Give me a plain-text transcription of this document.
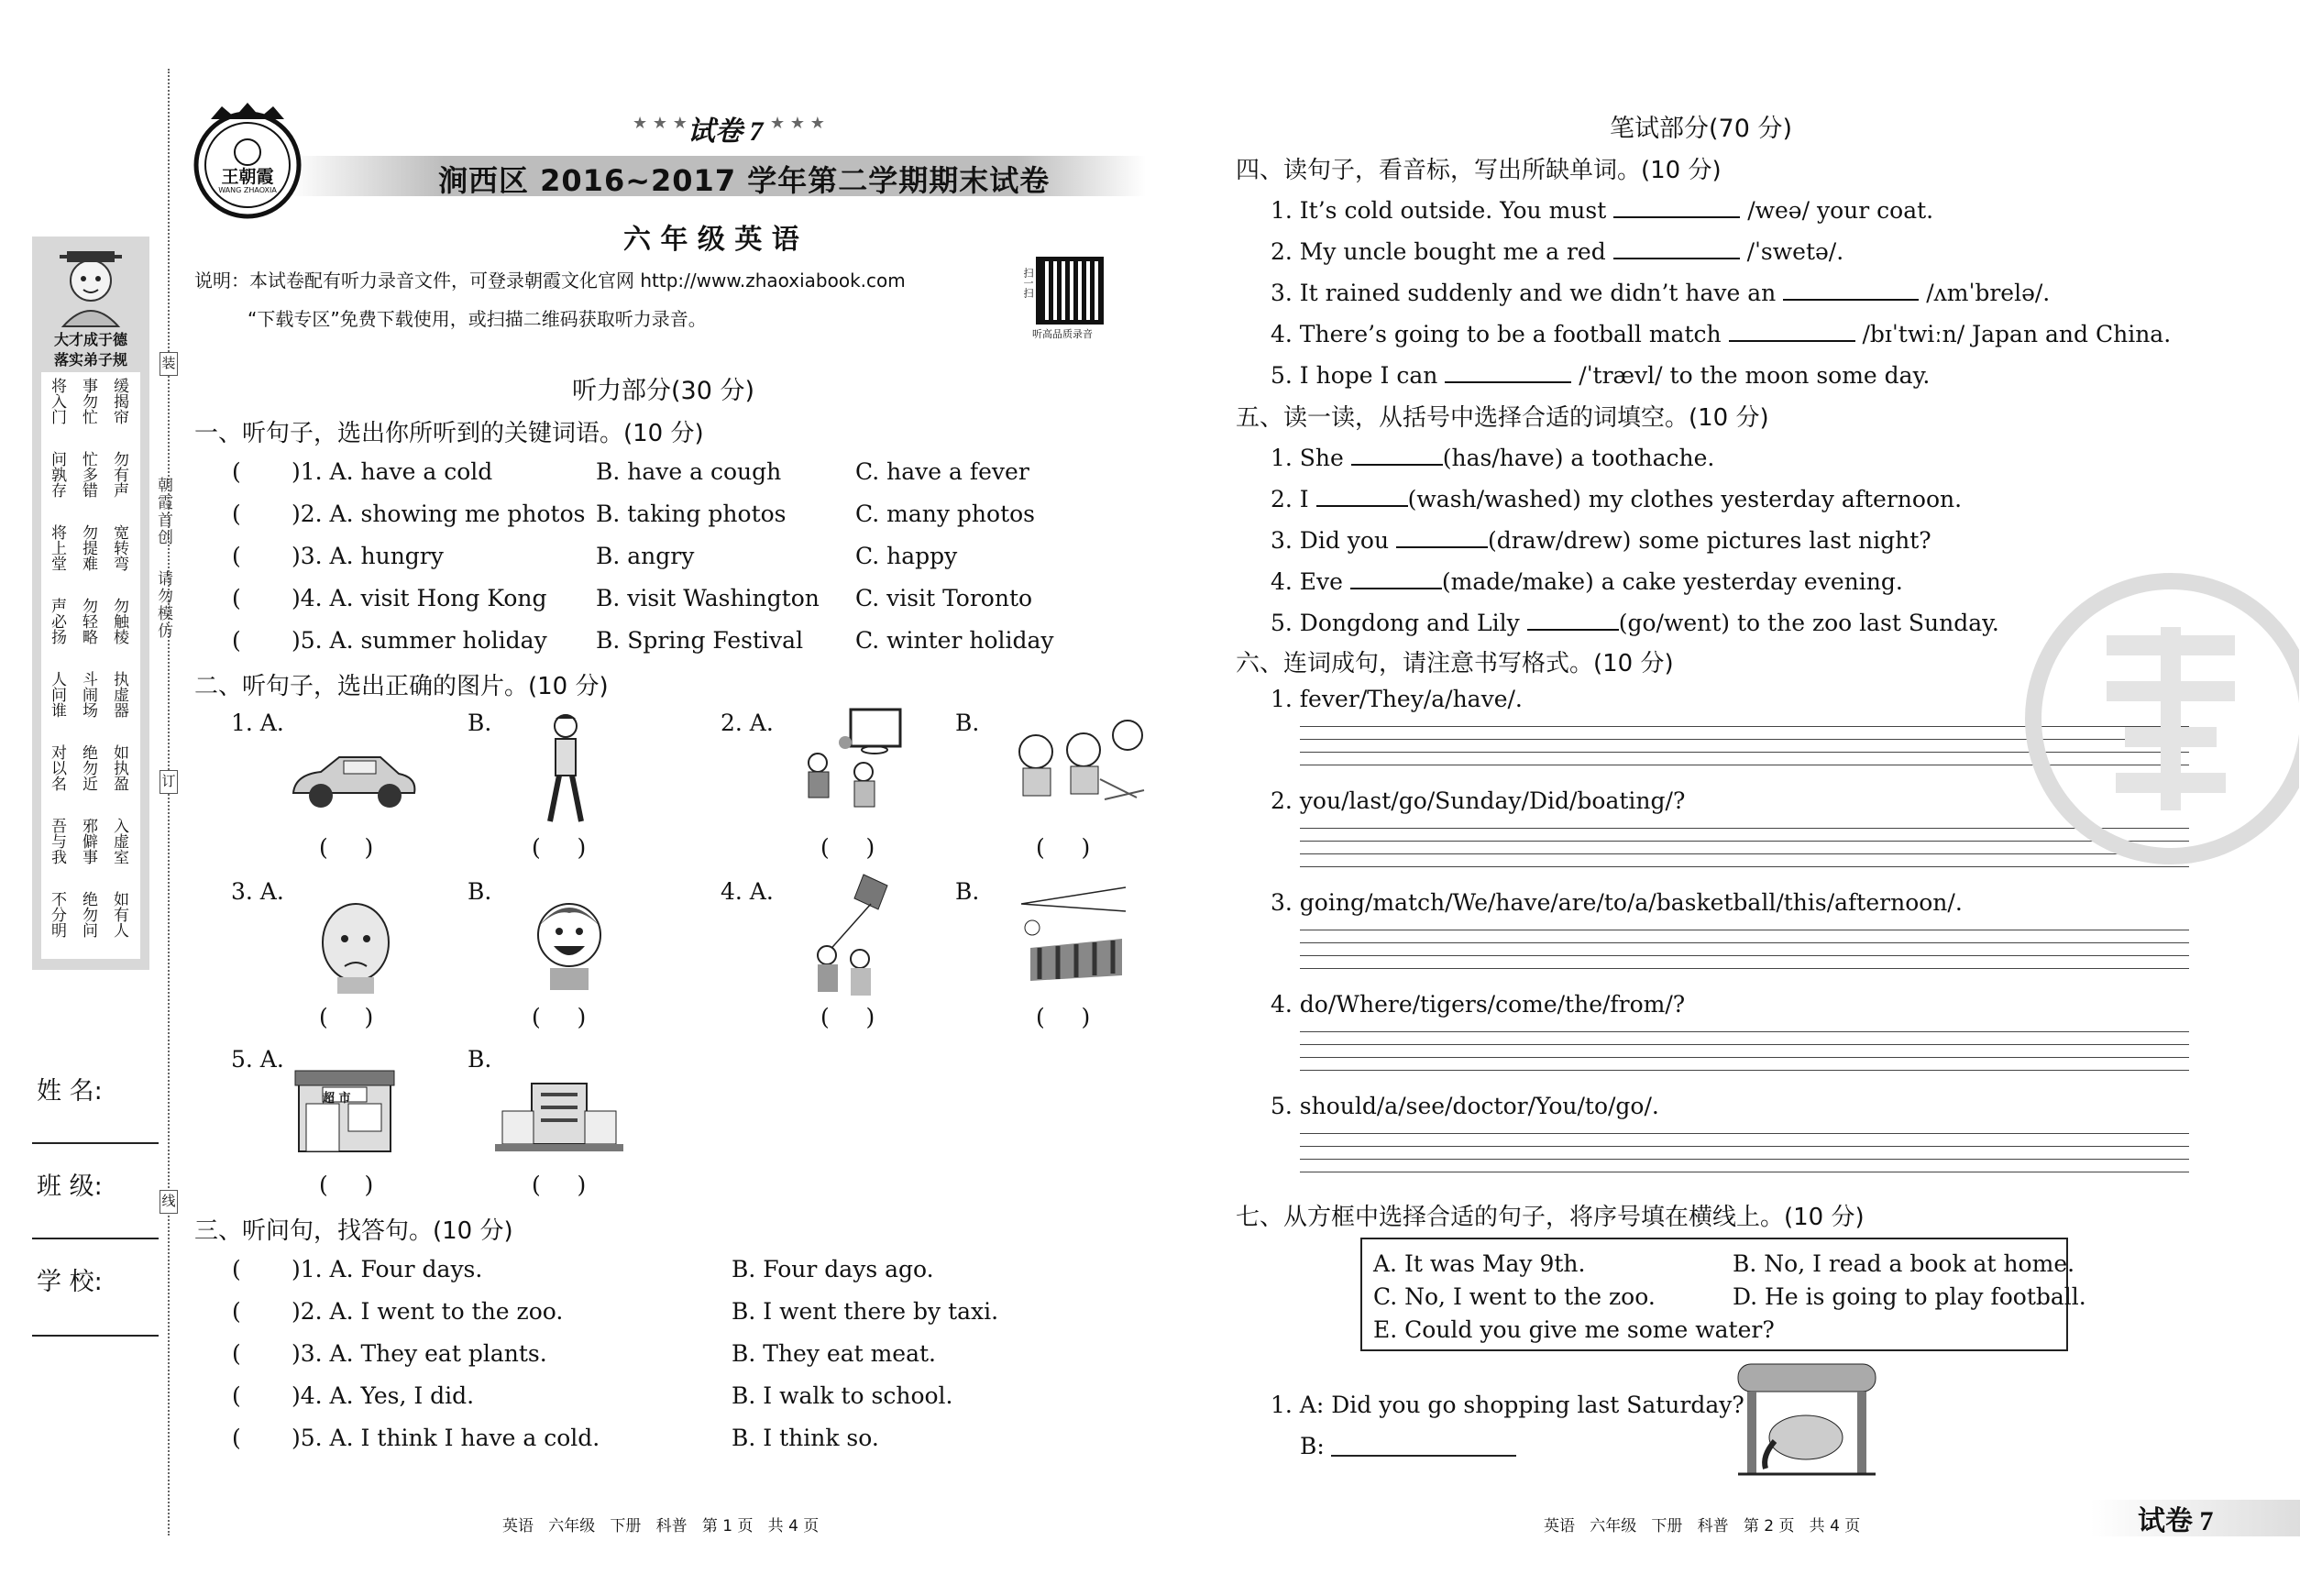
大才成于德
落实弟子规
将入门 事勿忙 缓揭帘
问孰存 忙多错 勿有声
将上堂 勿提难 宽转弯
声必扬 勿轻略 勿触棱
人问谁 斗闹场 执虚器
对以名 绝勿近 如执盈
吾与我 邪僻事 入虚室
不分明 绝勿问 如有人
朝霞首创
请勿模仿
装
订
线
姓 名:
班 级:
学 校:
王朝霞
WANG ZHAOXIA
★ ★ ★ 试卷 7 ★ ★ ★
涧西区 2016~2017 学年第二学期期末试卷
六 年 级 英 语
说明：本试卷配有听力录音文件，可登录朝霞文化官网 http://www.zhaoxiabook.com
“下载专区”免费下载使用，或扫描二维码获取听力录音。
扫一扫
听高品质录音
听力部分(30 分)
一、听句子，选出你所听到的关键词语。(10 分)
( )1. A. have a cold	B. have a cough	C. have a fever
( )2. A. showing me photos B. taking photos	C. many photos
( )3. A. hungry	B. angry	C. happy
( )4. A. visit Hong Kong B. visit Washington C. visit Toronto
( )5. A. summer holiday B. Spring Festival C. winter holiday
二、听句子，选出正确的图片。(10 分)
1. A.	B.	2. A.	B.
3. A.	B.	4. A.	B.
5. A.	B.
(     )	(     )	(     )	(     )
(     )	(     )	(     )	(     )
(     )	(     )
三、听问句，找答句。(10 分)
( )1. A. Four days.	B. Four days ago.
( )2. A. I went to the zoo.	B. I went there by taxi.
( )3. A. They eat plants.	B. They eat meat.
( )4. A. Yes, I did.	B. I walk to school.
( )5. A. I think I have a cold.	B. I think so.
超 市
笔试部分(70 分)
四、读句子，看音标，写出所缺单词。(10 分)
1. It’s cold outside. You must	/weə/ your coat.
2. My uncle bought me a red	/ˈswetə/.
3. It rained suddenly and we didn’t have an	/ʌmˈbrelə/.
4. There’s going to be a football match	/bɪˈtwiːn/ Japan and China.
5. I hope I can	/ˈtrævl/ to the moon some day.
五、读一读，从括号中选择合适的词填空。(10 分)
1. She	(has/have) a toothache.
2. I	(wash/washed) my clothes yesterday afternoon.
3. Did you	(draw/drew) some pictures last night?
4. Eve	(made/make) a cake yesterday evening.
5. Dongdong and Lily	(go/went) to the zoo last Sunday.
六、连词成句，请注意书写格式。(10 分)
1. fever/They/a/have/.
2. you/last/go/Sunday/Did/boating/?
3. going/match/We/have/are/to/a/basketball/this/afternoon/.
4. do/Where/tigers/come/the/from/?
5. should/a/see/doctor/You/to/go/.
七、从方框中选择合适的句子，将序号填在横线上。(10 分)
A. It was May 9th.	B. No, I read a book at home.
C. No, I went to the zoo.	D. He is going to play football.
E. Could you give me some water?
1. A: Did you go shopping last Saturday?
B:
英语   六年级   下册   科普   第 1 页   共 4 页	英语   六年级   下册   科普   第 2 页   共 4 页	试卷 7
